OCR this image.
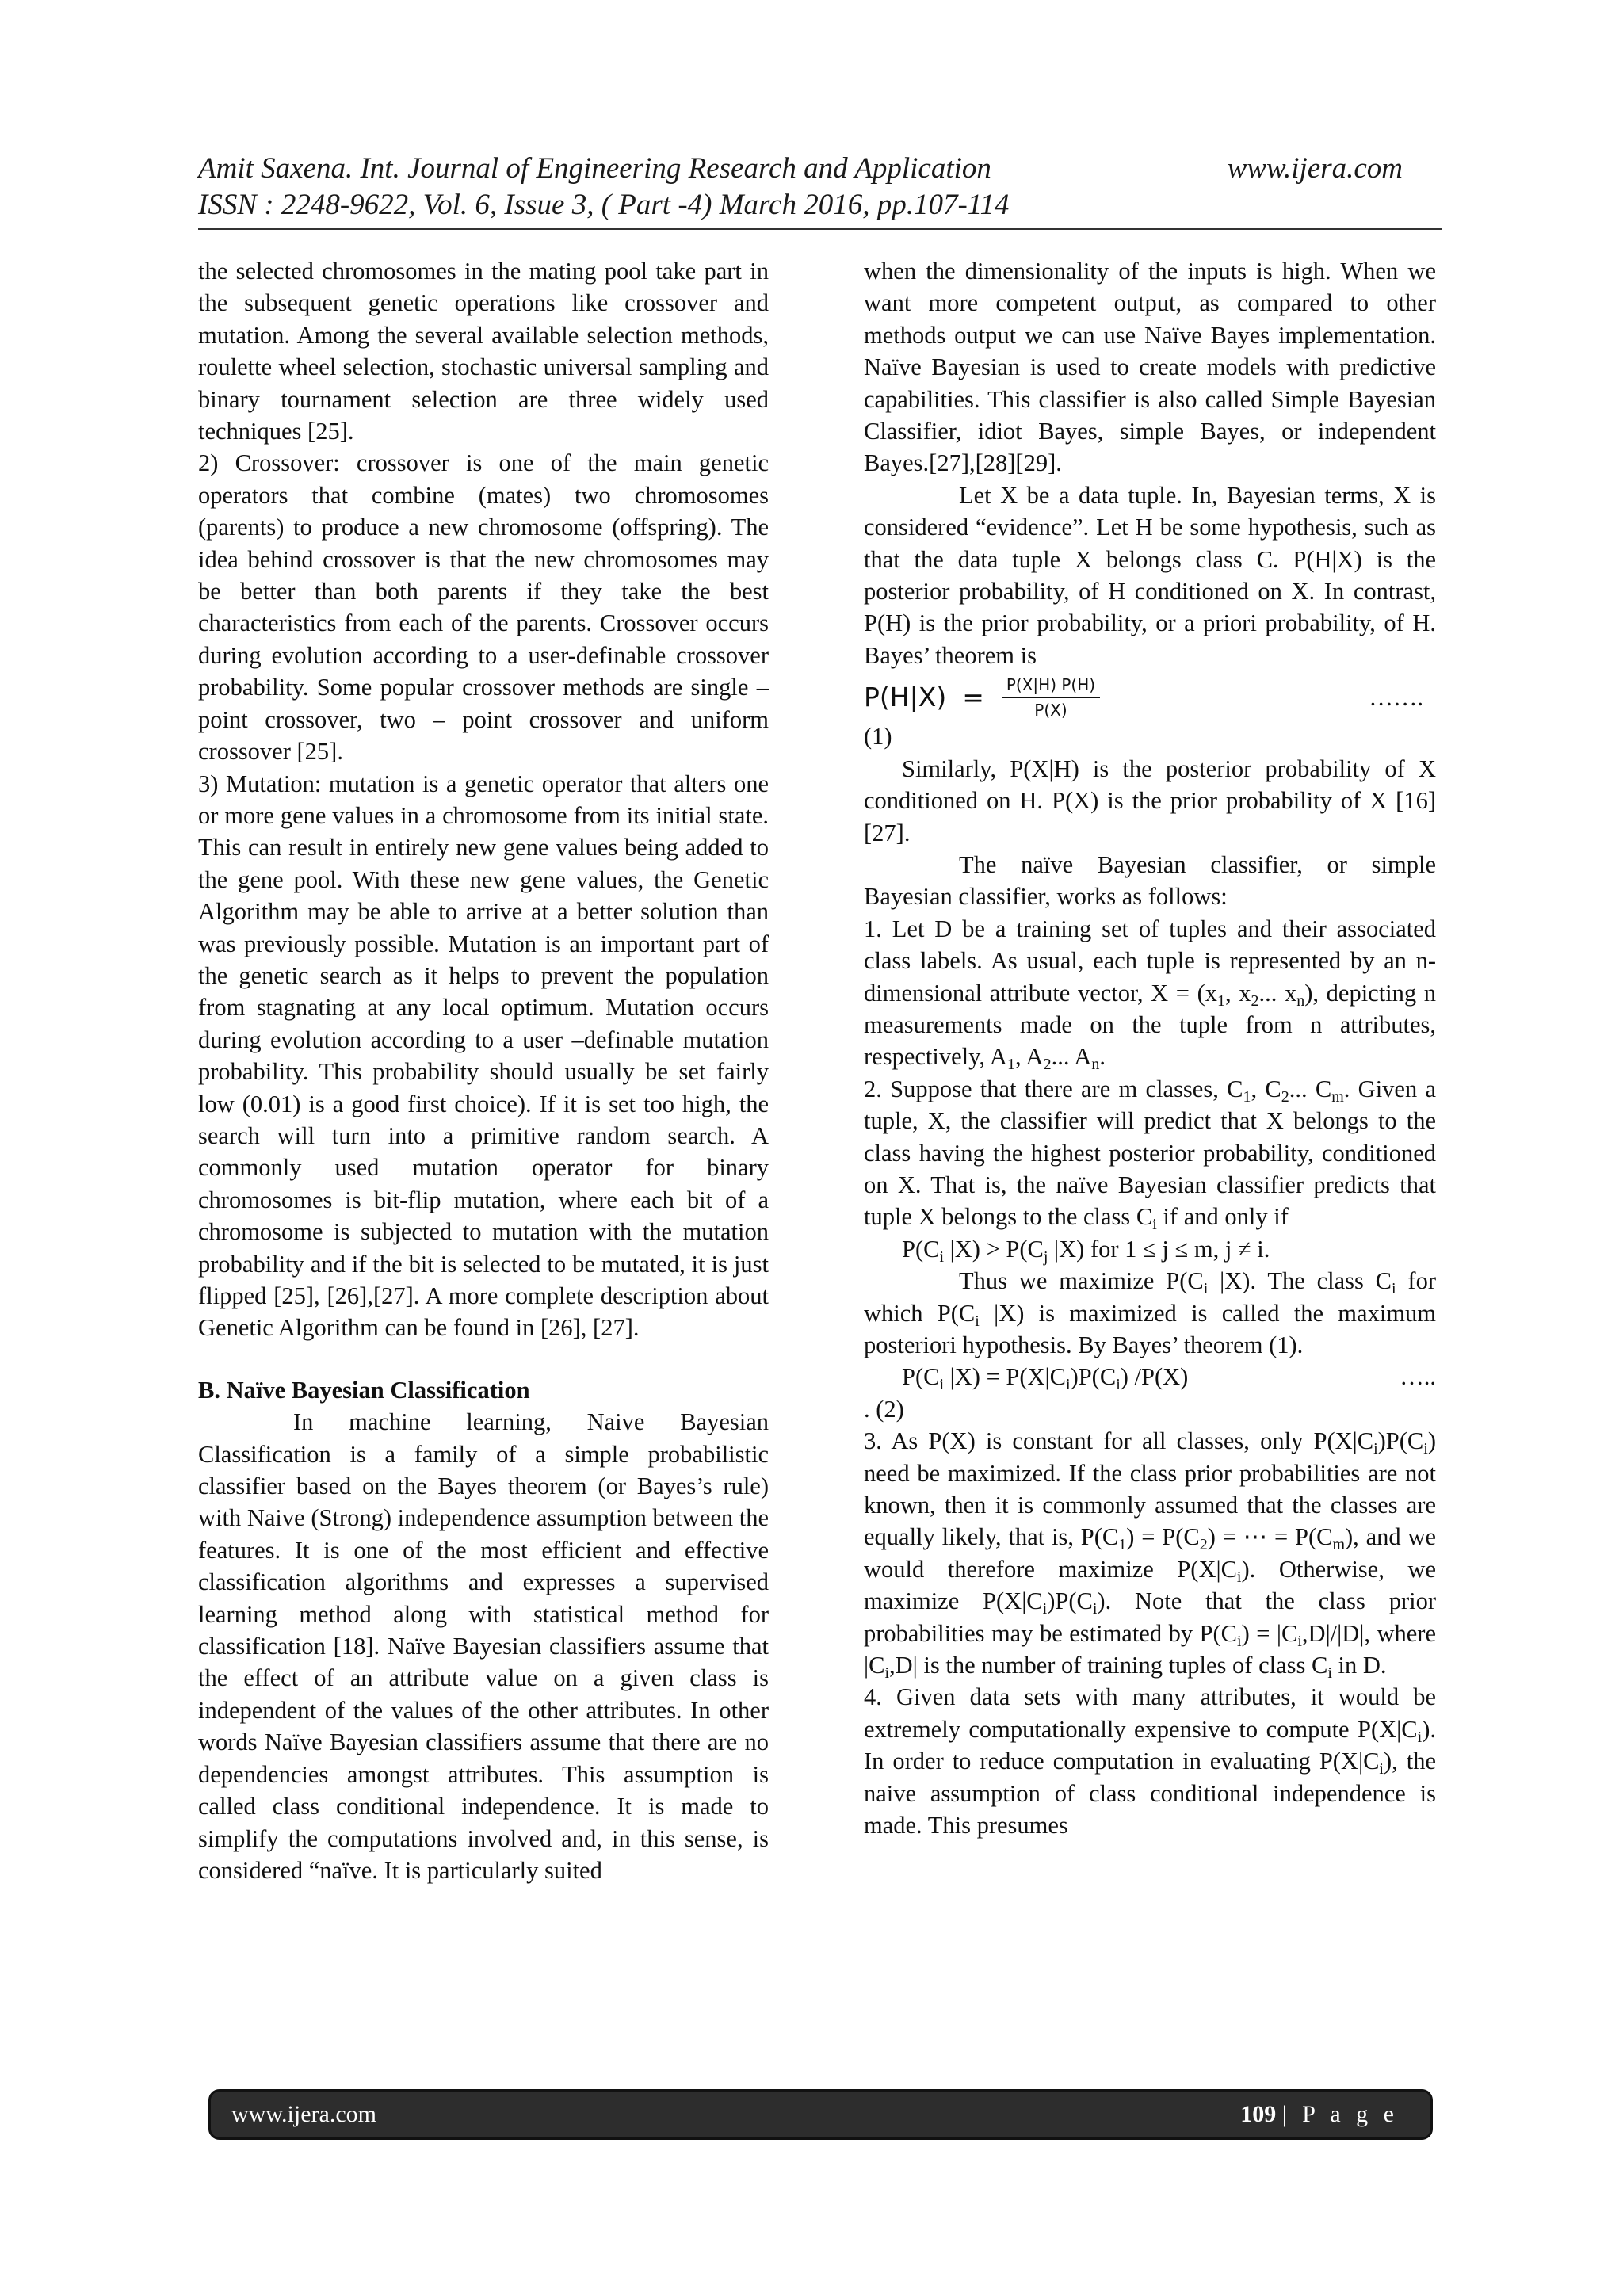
Amit Saxena. Int. Journal of Engineering Research and Application	www.ijera.com
ISSN : 2248-9622, Vol. 6, Issue 3, ( Part -4) March 2016, pp.107-114

the selected chromosomes in the mating pool take part in the subsequent genetic operations like crossover and mutation. Among the several available selection methods, roulette wheel selection, stochastic universal sampling and binary tournament selection are three widely used techniques [25].

2) Crossover: crossover is one of the main genetic operators that combine (mates) two chromosomes (parents) to produce a new chromosome (offspring). The idea behind crossover is that the new chromosomes may be better than both parents if they take the best characteristics from each of the parents. Crossover occurs during evolution according to a user-definable crossover probability. Some popular crossover methods are single – point crossover, two – point crossover and uniform crossover [25].

3) Mutation: mutation is a genetic operator that alters one or more gene values in a chromosome from its initial state. This can result in entirely new gene values being added to the gene pool. With these new gene values, the Genetic Algorithm may be able to arrive at a better solution than was previously possible. Mutation is an important part of the genetic search as it helps to prevent the population from stagnating at any local optimum. Mutation occurs during evolution according to a user –definable mutation probability. This probability should usually be set fairly low (0.01) is a good first choice). If it is set too high, the search will turn into a primitive random search. A commonly used mutation operator for binary chromosomes is bit-flip mutation, where each bit of a chromosome is subjected to mutation with the mutation probability and if the bit is selected to be mutated, it is just flipped [25], [26],[27]. A more complete description about Genetic Algorithm can be found in [26], [27].

B. Naïve Bayesian Classification

In machine learning, Naive Bayesian Classification is a family of a simple probabilistic classifier based on the Bayes theorem (or Bayes’s rule) with Naive (Strong) independence assumption between the features. It is one of the most efficient and effective classification algorithms and expresses a supervised learning method along with statistical method for classification [18]. Naïve Bayesian classifiers assume that the effect of an attribute value on a given class is independent of the values of the other attributes. In other words Naïve Bayesian classifiers assume that there are no dependencies amongst attributes. This assumption is called class conditional independence. It is made to simplify the computations involved and, in this sense, is considered “naïve. It is particularly suited

when the dimensionality of the inputs is high. When we want more competent output, as compared to other methods output we can use Naïve Bayes implementation. Naïve Bayesian is used to create models with predictive capabilities. This classifier is also called Simple Bayesian Classifier, idiot Bayes, simple Bayes, or independent Bayes.[27],[28][29].

Let X be a data tuple. In, Bayesian terms, X is considered “evidence”. Let H be some hypothesis, such as that the data tuple X belongs class C. P(H|X) is the posterior probability, of H conditioned on X. In contrast, P(H) is the prior probability, or a priori probability, of H. Bayes’ theorem is

$P(H|X) = \frac{P(X|H) P(H)}{P(X)}$	…….

(1)

Similarly, P(X|H) is the posterior probability of X conditioned on H. P(X) is the prior probability of X [16][27].

The naïve Bayesian classifier, or simple Bayesian classifier, works as follows:

1. Let D be a training set of tuples and their associated class labels. As usual, each tuple is represented by an n-dimensional attribute vector, $X = (x_1$, $x_2$... $x_n$), depicting n measurements made on the tuple from n attributes, respectively, $A_1$, $A_2$... $A_n$.

2. Suppose that there are m classes, $C_1$, $C_2$... $C_m$. Given a tuple, X, the classifier will predict that X belongs to the class having the highest posterior probability, conditioned on X. That is, the naïve Bayesian classifier predicts that tuple X belongs to the class $C_i$ if and only if

$P(C_i$ $|X) > P(C_j$ |X) for 1 ≤ j ≤ m, j ≠ i.

Thus we maximize $P(C_i$ |X). The class $C_i$ for which $P(C_i$ |X) is maximized is called the maximum posteriori hypothesis. By Bayes’ theorem (1).

$P(C_i$ $|X) = P(X|C_i)P(C_i)$ /P(X)	…..

. (2)

3. As P(X) is constant for all classes, only $P(X|C_i)P(C_i)$ need be maximized. If the class prior probabilities are not known, then it is commonly assumed that the classes are equally likely, that is, $P(C_1) = P(C_2)$ = ⋯ = $P(C_m)$, and we would therefore maximize $P(X|C_i)$. Otherwise, we maximize $P(X|C_i)P(C_i)$. Note that the class prior probabilities may be estimated by $P(C_i) = |C_i,D|/|D|$, where $|C_i,D|$ is the number of training tuples of class $C_i$ in D.

4. Given data sets with many attributes, it would be extremely computationally expensive to compute $P(X|C_i)$. In order to reduce computation in evaluating $P(X|C_i)$, the naive assumption of class conditional independence is made. This presumes

www.ijera.com	109 | P a g e
